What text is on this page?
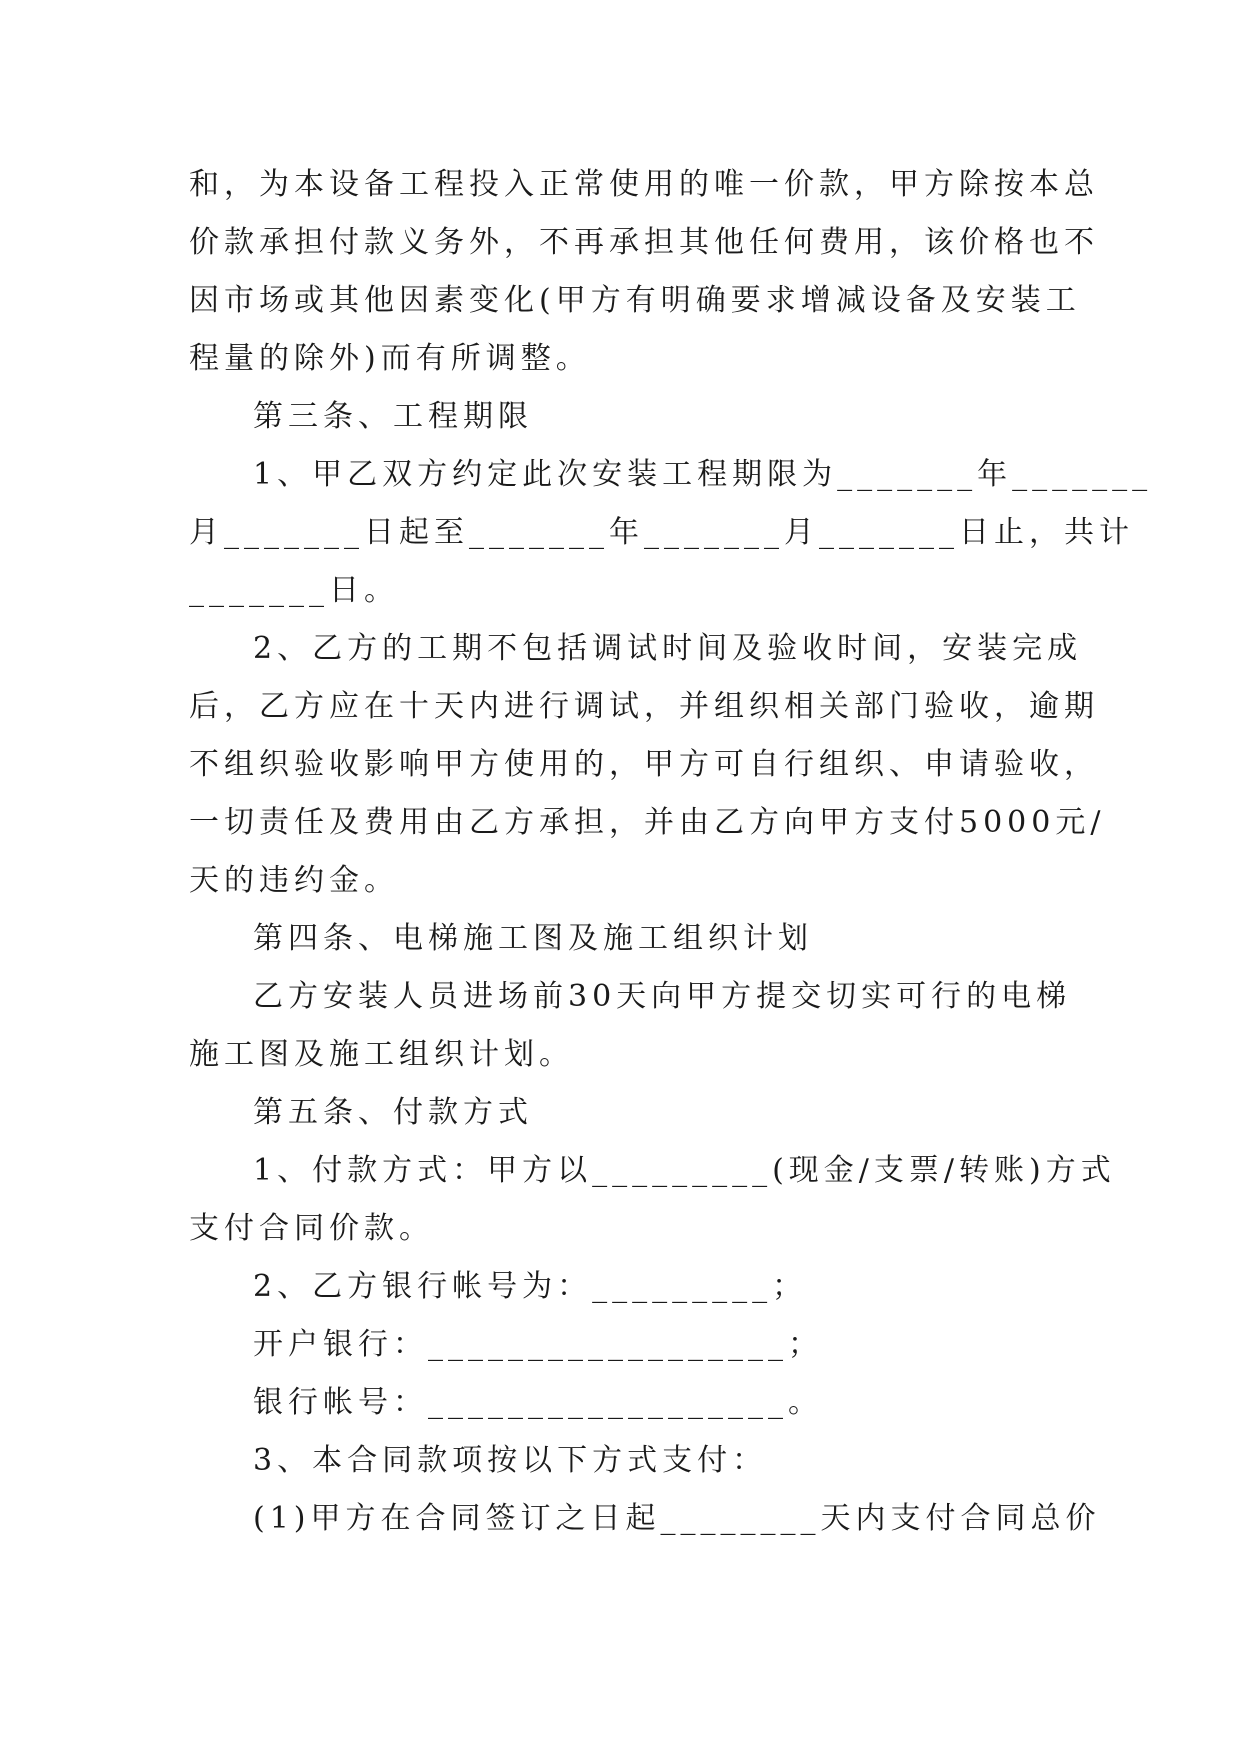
和，为本设备工程投入正常使用的唯一价款，甲方除按本总
价款承担付款义务外，不再承担其他任何费用，该价格也不
因市场或其他因素变化(甲方有明确要求增减设备及安装工
程量的除外)而有所调整。
第三条、工程期限
1、甲乙双方约定此次安装工程期限为_______年_______
月_______日起至_______年_______月_______日止，共计
_______日。
2、乙方的工期不包括调试时间及验收时间，安装完成
后，乙方应在十天内进行调试，并组织相关部门验收，逾期
不组织验收影响甲方使用的，甲方可自行组织、申请验收，
一切责任及费用由乙方承担，并由乙方向甲方支付5000元/
天的违约金。
第四条、电梯施工图及施工组织计划
乙方安装人员进场前30天向甲方提交切实可行的电梯
施工图及施工组织计划。
第五条、付款方式
1、付款方式：甲方以_________(现金/支票/转账)方式
支付合同价款。
2、乙方银行帐号为：_________；
开户银行：__________________；
银行帐号：__________________。
3、本合同款项按以下方式支付：
(1)甲方在合同签订之日起________天内支付合同总价
